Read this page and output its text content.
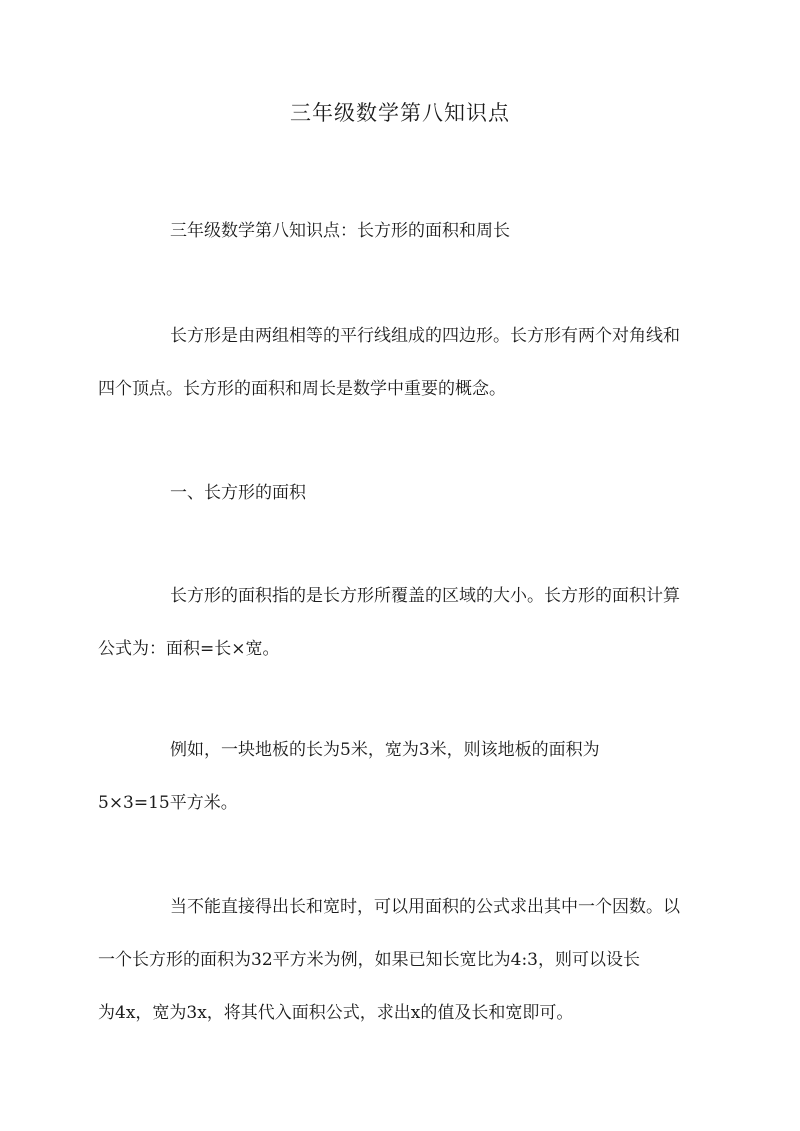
三年级数学第八知识点
三年级数学第八知识点：长方形的面积和周长
长方形是由两组相等的平行线组成的四边形。长方形有两个对角线和
四个顶点。长方形的面积和周长是数学中重要的概念。
一、长方形的面积
长方形的面积指的是长方形所覆盖的区域的大小。长方形的面积计算
公式为：面积=长×宽。
例如，一块地板的长为5米，宽为3米，则该地板的面积为
5×3=15平方米。
当不能直接得出长和宽时，可以用面积的公式求出其中一个因数。以
一个长方形的面积为32平方米为例，如果已知长宽比为4:3，则可以设长
为4x，宽为3x，将其代入面积公式，求出x的值及长和宽即可。
